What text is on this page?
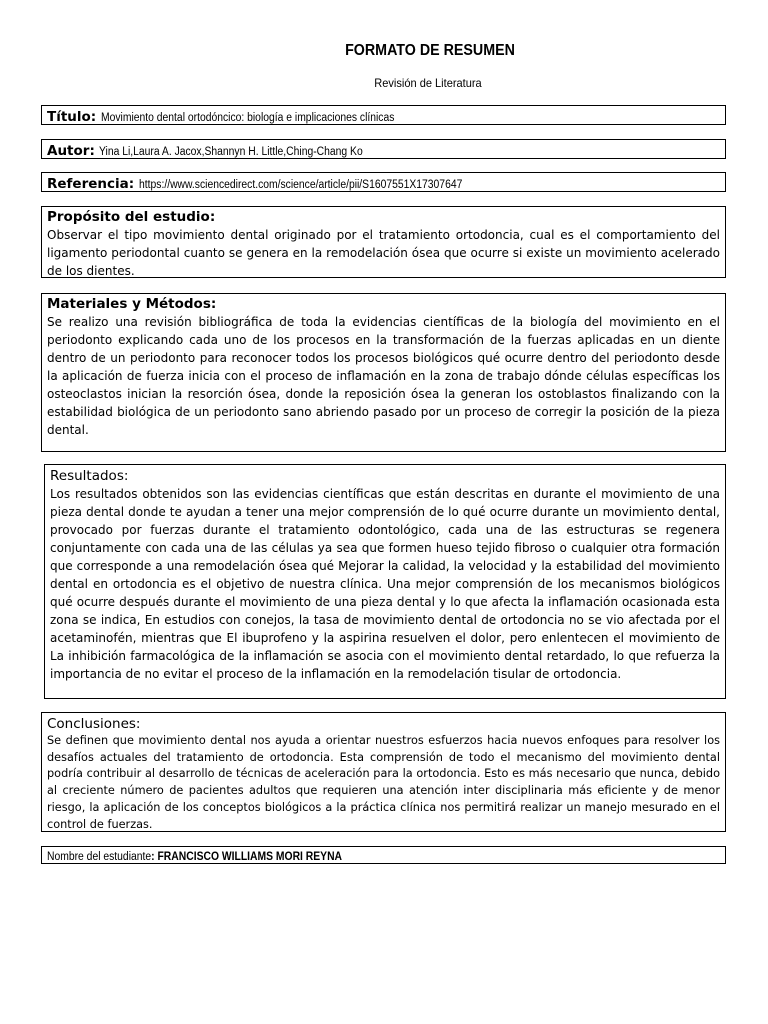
FORMATO DE RESUMEN
Revisión de Literatura
Título: Movimiento dental ortodóncico: biología e implicaciones clínicas
Autor: Yina Li,Laura A. Jacox,Shannyn H. Little,Ching-Chang Ko
Referencia: https://www.sciencedirect.com/science/article/pii/S1607551X17307647
Propósito del estudio:

Observar el tipo movimiento dental originado por el tratamiento ortodoncia, cual es el comportamiento del ligamento periodontal cuanto se genera en la remodelación ósea que ocurre si existe un movimiento acelerado de los dientes.

Materiales y Métodos:

Se realizo una revisión bibliográfica de toda la evidencias científicas de la biología del movimiento en el periodonto explicando cada uno de los procesos en la transformación de la fuerzas aplicadas en un diente dentro de un periodonto para reconocer todos los procesos biológicos qué ocurre dentro del periodonto desde la aplicación de fuerza inicia con el proceso de inflamación en la zona de trabajo dónde células específicas los osteoclastos inician la resorción ósea, donde la reposición ósea la generan los ostoblastos finalizando con la estabilidad biológica de un periodonto sano abriendo pasado por un proceso de corregir la posición de la pieza dental.

Resultados:

Los resultados obtenidos son las evidencias científicas que están descritas en durante el movimiento de una pieza dental donde te ayudan a tener una mejor comprensión de lo qué ocurre durante un movimiento dental, provocado por fuerzas durante el tratamiento odontológico, cada una de las estructuras se regenera conjuntamente con cada una de las células ya sea que formen hueso tejido fibroso o cualquier otra formación que corresponde a una remodelación ósea qué Mejorar la calidad, la velocidad y la estabilidad del movimiento dental en ortodoncia es el objetivo de nuestra clínica. Una mejor comprensión de los mecanismos biológicos qué ocurre después durante el movimiento de una pieza dental y lo que afecta la inflamación ocasionada esta zona se indica, En estudios con conejos, la tasa de movimiento dental de ortodoncia no se vio afectada por el acetaminofén, mientras que El ibuprofeno y la aspirina resuelven el dolor, pero enlentecen el movimiento de La inhibición farmacológica de la inflamación se asocia con el movimiento dental retardado, lo que refuerza la importancia de no evitar el proceso de la inflamación en la remodelación tisular de ortodoncia.

Conclusiones:

Se definen que movimiento dental nos ayuda a orientar nuestros esfuerzos hacia nuevos enfoques para resolver los desafíos actuales del tratamiento de ortodoncia. Esta comprensión de todo el mecanismo del movimiento dental podría contribuir al desarrollo de técnicas de aceleración para la ortodoncia. Esto es más necesario que nunca, debido al creciente número de pacientes adultos que requieren una atención inter disciplinaria más eficiente y de menor riesgo, la aplicación de los conceptos biológicos a la práctica clínica nos permitirá realizar un manejo mesurado en el control de fuerzas.

Nombre del estudiante: FRANCISCO WILLIAMS MORI REYNA
